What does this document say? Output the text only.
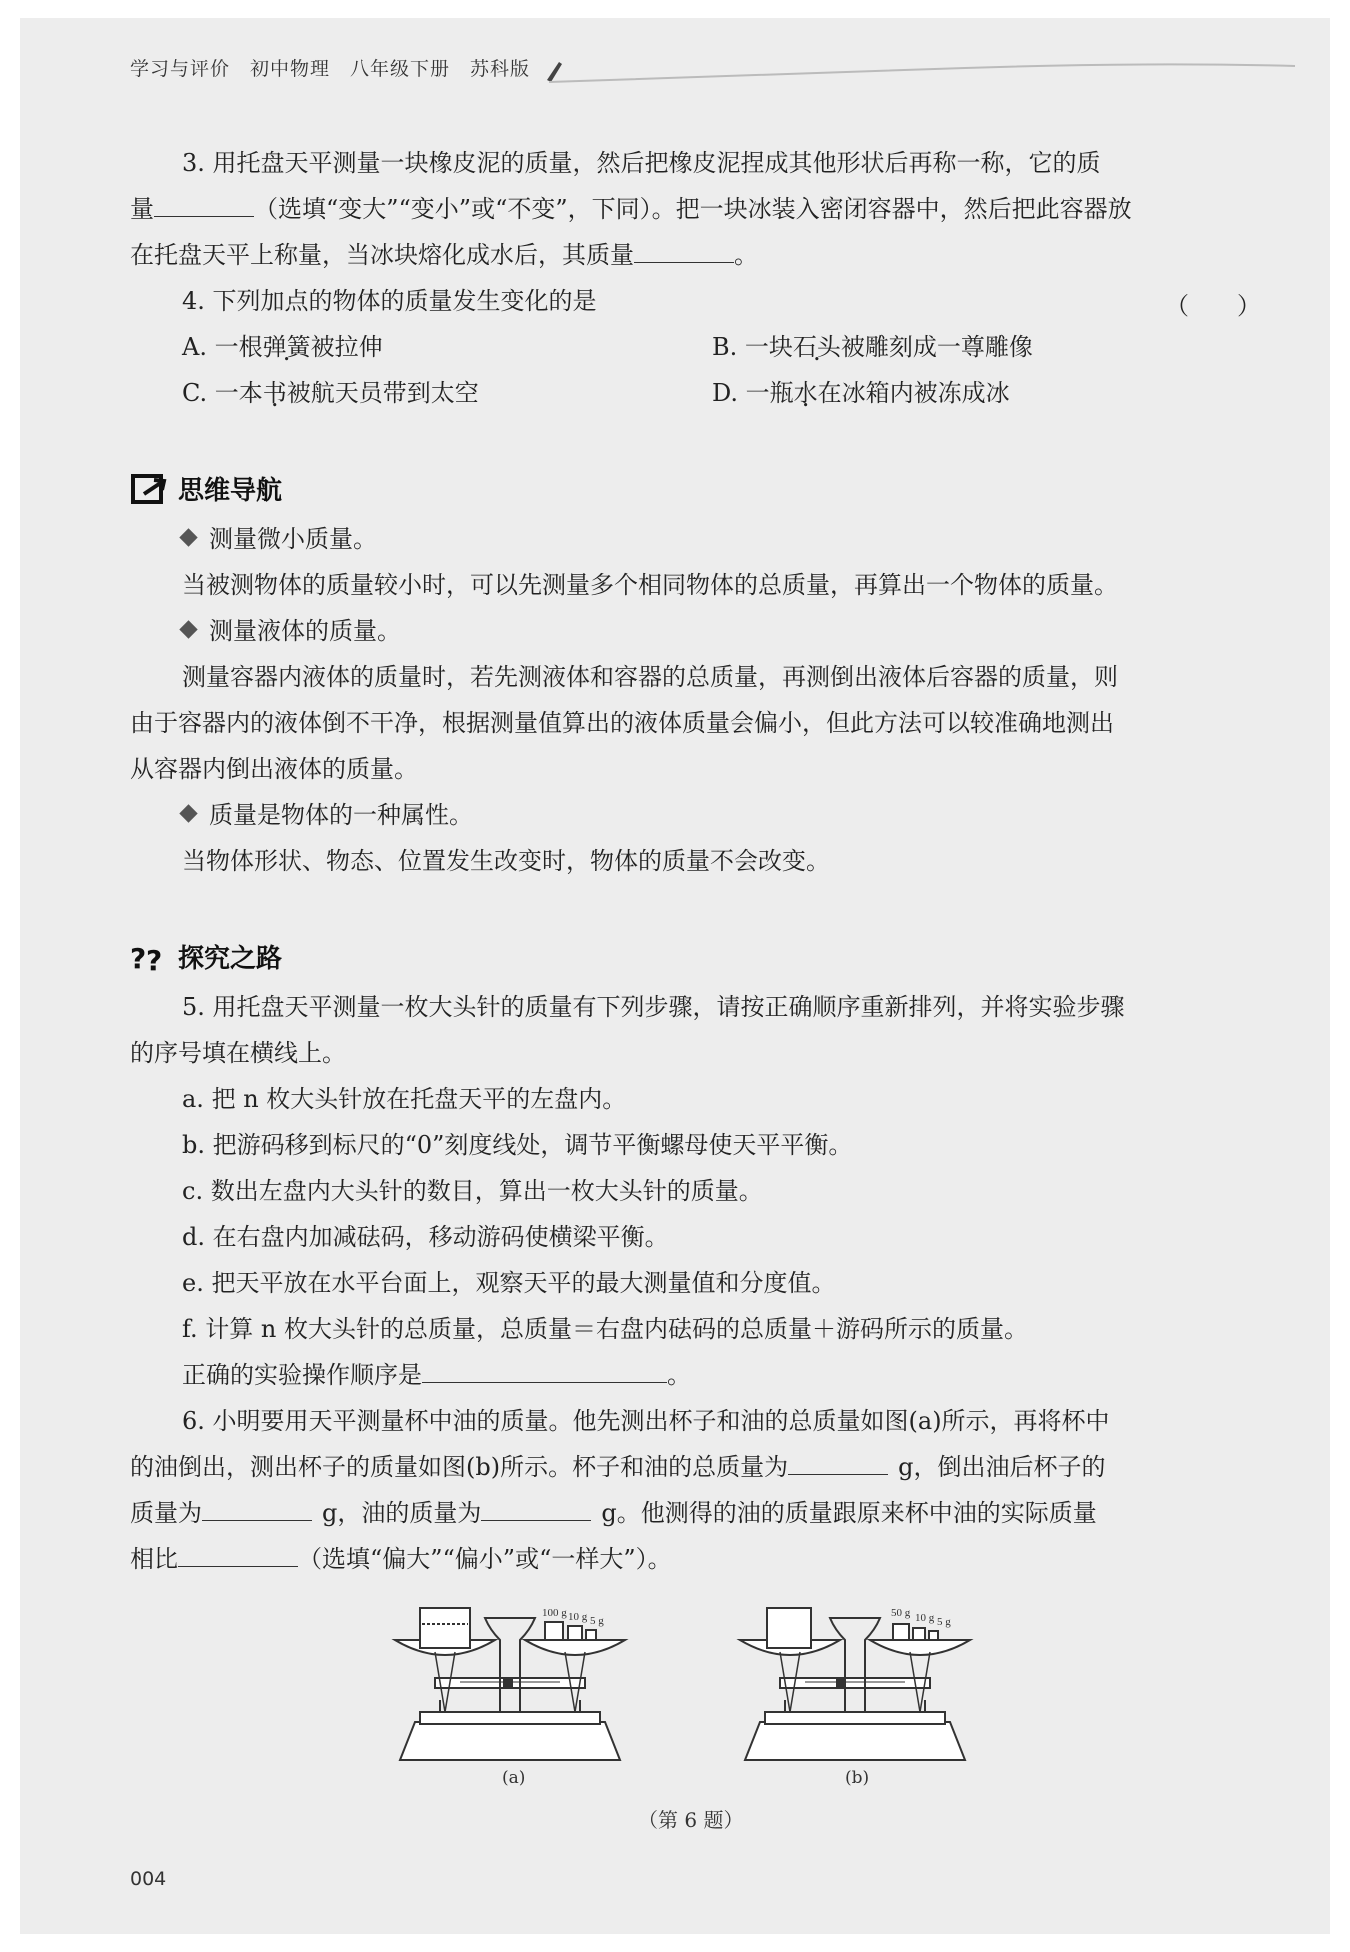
学习与评价 初中物理 八年级下册 苏科版
3. 用托盘天平测量一块橡皮泥的质量，然后把橡皮泥捏成其他形状后再称一称，它的质
量	（选填“变大”“变小”或“不变”，下同）。把一块冰装入密闭容器中，然后把此容器放
在托盘天平上称量，当冰块熔化成水后，其质量	。
4. 下列加点的物体的质量发生变化的是	（　　）
A. 一根弹簧被拉伸	B. 一块石头被雕刻成一尊雕像
C. 一本书被航天员带到太空	D. 一瓶水在冰箱内被冻成冰
思维导航
测量微小质量。
当被测物体的质量较小时，可以先测量多个相同物体的总质量，再算出一个物体的质量。
测量液体的质量。
测量容器内液体的质量时，若先测液体和容器的总质量，再测倒出液体后容器的质量，则
由于容器内的液体倒不干净，根据测量值算出的液体质量会偏小，但此方法可以较准确地测出
从容器内倒出液体的质量。
质量是物体的一种属性。
当物体形状、物态、位置发生改变时，物体的质量不会改变。
? ? 探究之路
5. 用托盘天平测量一枚大头针的质量有下列步骤，请按正确顺序重新排列，并将实验步骤
的序号填在横线上。
a. 把 n 枚大头针放在托盘天平的左盘内。
b. 把游码移到标尺的“0”刻度线处，调节平衡螺母使天平平衡。
c. 数出左盘内大头针的数目，算出一枚大头针的质量。
d. 在右盘内加减砝码，移动游码使横梁平衡。
e. 把天平放在水平台面上，观察天平的最大测量值和分度值。
f. 计算 n 枚大头针的总质量，总质量＝右盘内砝码的总质量＋游码所示的质量。
正确的实验操作顺序是	。
6. 小明要用天平测量杯中油的质量。他先测出杯子和油的总质量如图(a)所示，再将杯中
的油倒出，测出杯子的质量如图(b)所示。杯子和油的总质量为	g，倒出油后杯子的
质量为	g，油的质量为	g。他测得的油的质量跟原来杯中油的实际质量
相比	（选填“偏大”“偏小”或“一样大”）。
100 g 10 g 5 g
(a)
50 g 10 g 5 g
(b)
（第 6 题）
004
